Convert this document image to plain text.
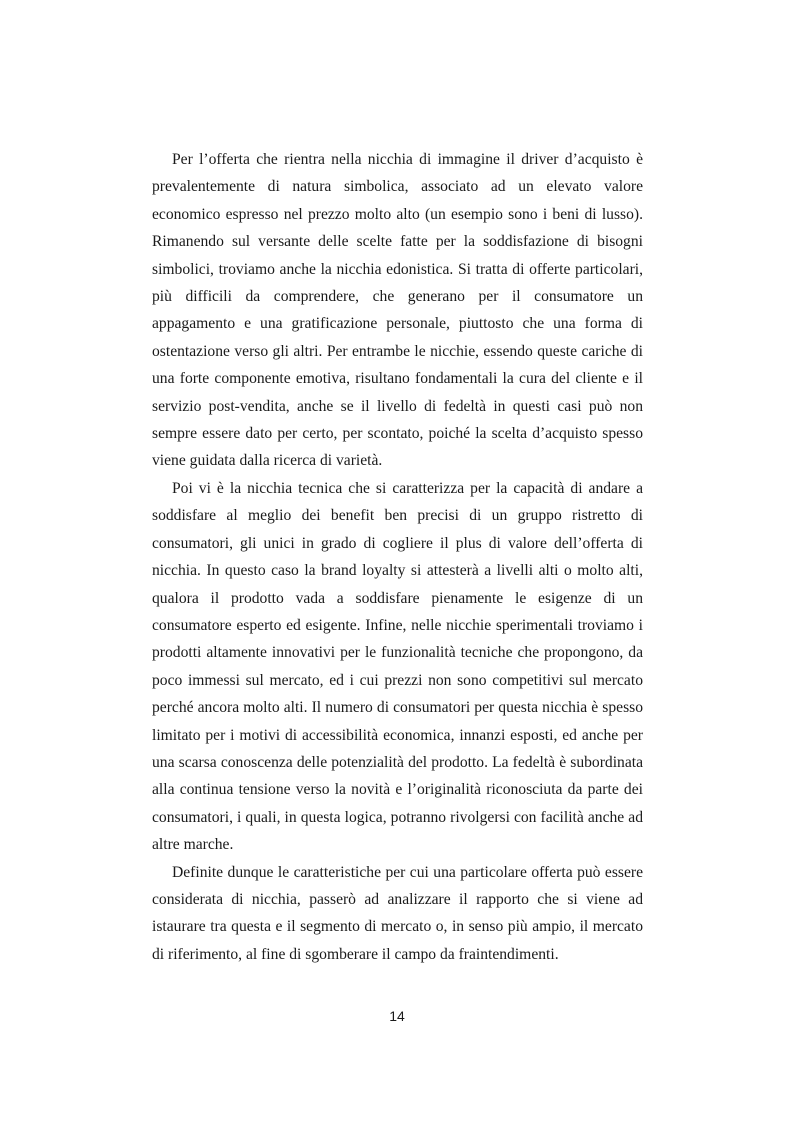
Per l’offerta che rientra nella nicchia di immagine il driver d’acquisto è prevalentemente di natura simbolica, associato ad un elevato valore economico espresso nel prezzo molto alto (un esempio sono i beni di lusso). Rimanendo sul versante delle scelte fatte per la soddisfazione di bisogni simbolici, troviamo anche la nicchia edonistica. Si tratta di offerte particolari, più difficili da comprendere, che generano per il consumatore un appagamento e una gratificazione personale, piuttosto che una forma di ostentazione verso gli altri. Per entrambe le nicchie, essendo queste cariche di una forte componente emotiva, risultano fondamentali la cura del cliente e il servizio post-vendita, anche se il livello di fedeltà in questi casi può non sempre essere dato per certo, per scontato, poiché la scelta d’acquisto spesso viene guidata dalla ricerca di varietà.

Poi vi è la nicchia tecnica che si caratterizza per la capacità di andare a soddisfare al meglio dei benefit ben precisi di un gruppo ristretto di consumatori, gli unici in grado di cogliere il plus di valore dell’offerta di nicchia. In questo caso la brand loyalty si attesterà a livelli alti o molto alti, qualora il prodotto vada a soddisfare pienamente le esigenze di un consumatore esperto ed esigente. Infine, nelle nicchie sperimentali troviamo i prodotti altamente innovativi per le funzionalità tecniche che propongono, da poco immessi sul mercato, ed i cui prezzi non sono competitivi sul mercato perché ancora molto alti. Il numero di consumatori per questa nicchia è spesso limitato per i motivi di accessibilità economica, innanzi esposti, ed anche per una scarsa conoscenza delle potenzialità del prodotto. La fedeltà è subordinata alla continua tensione verso la novità e l’originalità riconosciuta da parte dei consumatori, i quali, in questa logica, potranno rivolgersi con facilità anche ad altre marche.

Definite dunque le caratteristiche per cui una particolare offerta può essere considerata di nicchia, passerò ad analizzare il rapporto che si viene ad istaurare tra questa e il segmento di mercato o, in senso più ampio, il mercato di riferimento, al fine di sgomberare il campo da fraintendimenti.

14
